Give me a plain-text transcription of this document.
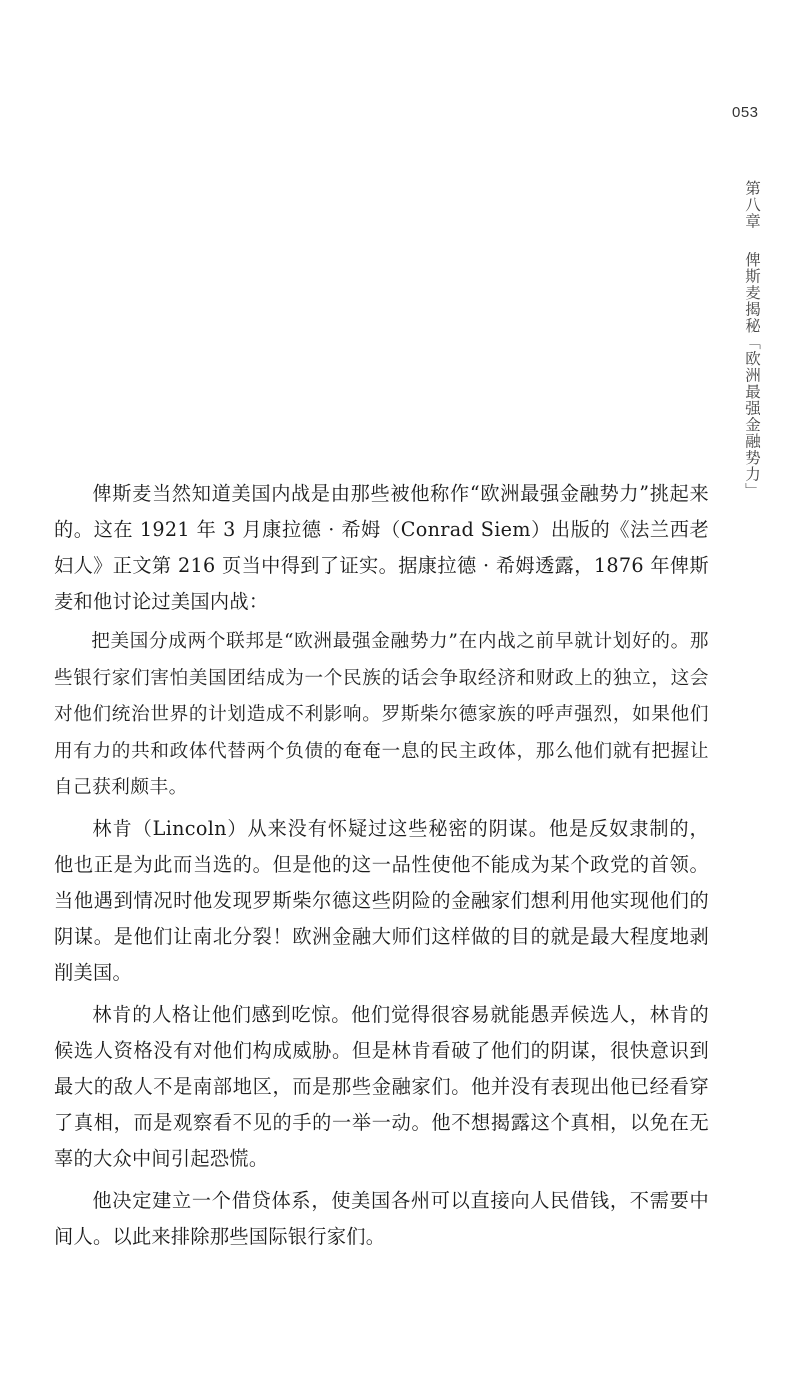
053
第八章俾斯麦揭秘「欧洲最强金融势力」

俾斯麦当然知道美国内战是由那些被他称作“欧洲最强金融势力”挑起来的。这在 1921 年 3 月康拉德 · 希姆（Conrad Siem）出版的《法兰西老妇人》正文第 216 页当中得到了证实。据康拉德 · 希姆透露，1876 年俾斯麦和他讨论过美国内战：

把美国分成两个联邦是“欧洲最强金融势力”在内战之前早就计划好的。那些银行家们害怕美国团结成为一个民族的话会争取经济和财政上的独立，这会对他们统治世界的计划造成不利影响。罗斯柴尔德家族的呼声强烈，如果他们用有力的共和政体代替两个负债的奄奄一息的民主政体，那么他们就有把握让自己获利颇丰。

林肯（Lincoln）从来没有怀疑过这些秘密的阴谋。他是反奴隶制的，他也正是为此而当选的。但是他的这一品性使他不能成为某个政党的首领。当他遇到情况时他发现罗斯柴尔德这些阴险的金融家们想利用他实现他们的阴谋。是他们让南北分裂！欧洲金融大师们这样做的目的就是最大程度地剥削美国。

林肯的人格让他们感到吃惊。他们觉得很容易就能愚弄候选人，林肯的候选人资格没有对他们构成威胁。但是林肯看破了他们的阴谋，很快意识到最大的敌人不是南部地区，而是那些金融家们。他并没有表现出他已经看穿了真相，而是观察看不见的手的一举一动。他不想揭露这个真相，以免在无辜的大众中间引起恐慌。

他决定建立一个借贷体系，使美国各州可以直接向人民借钱，不需要中间人。以此来排除那些国际银行家们。
